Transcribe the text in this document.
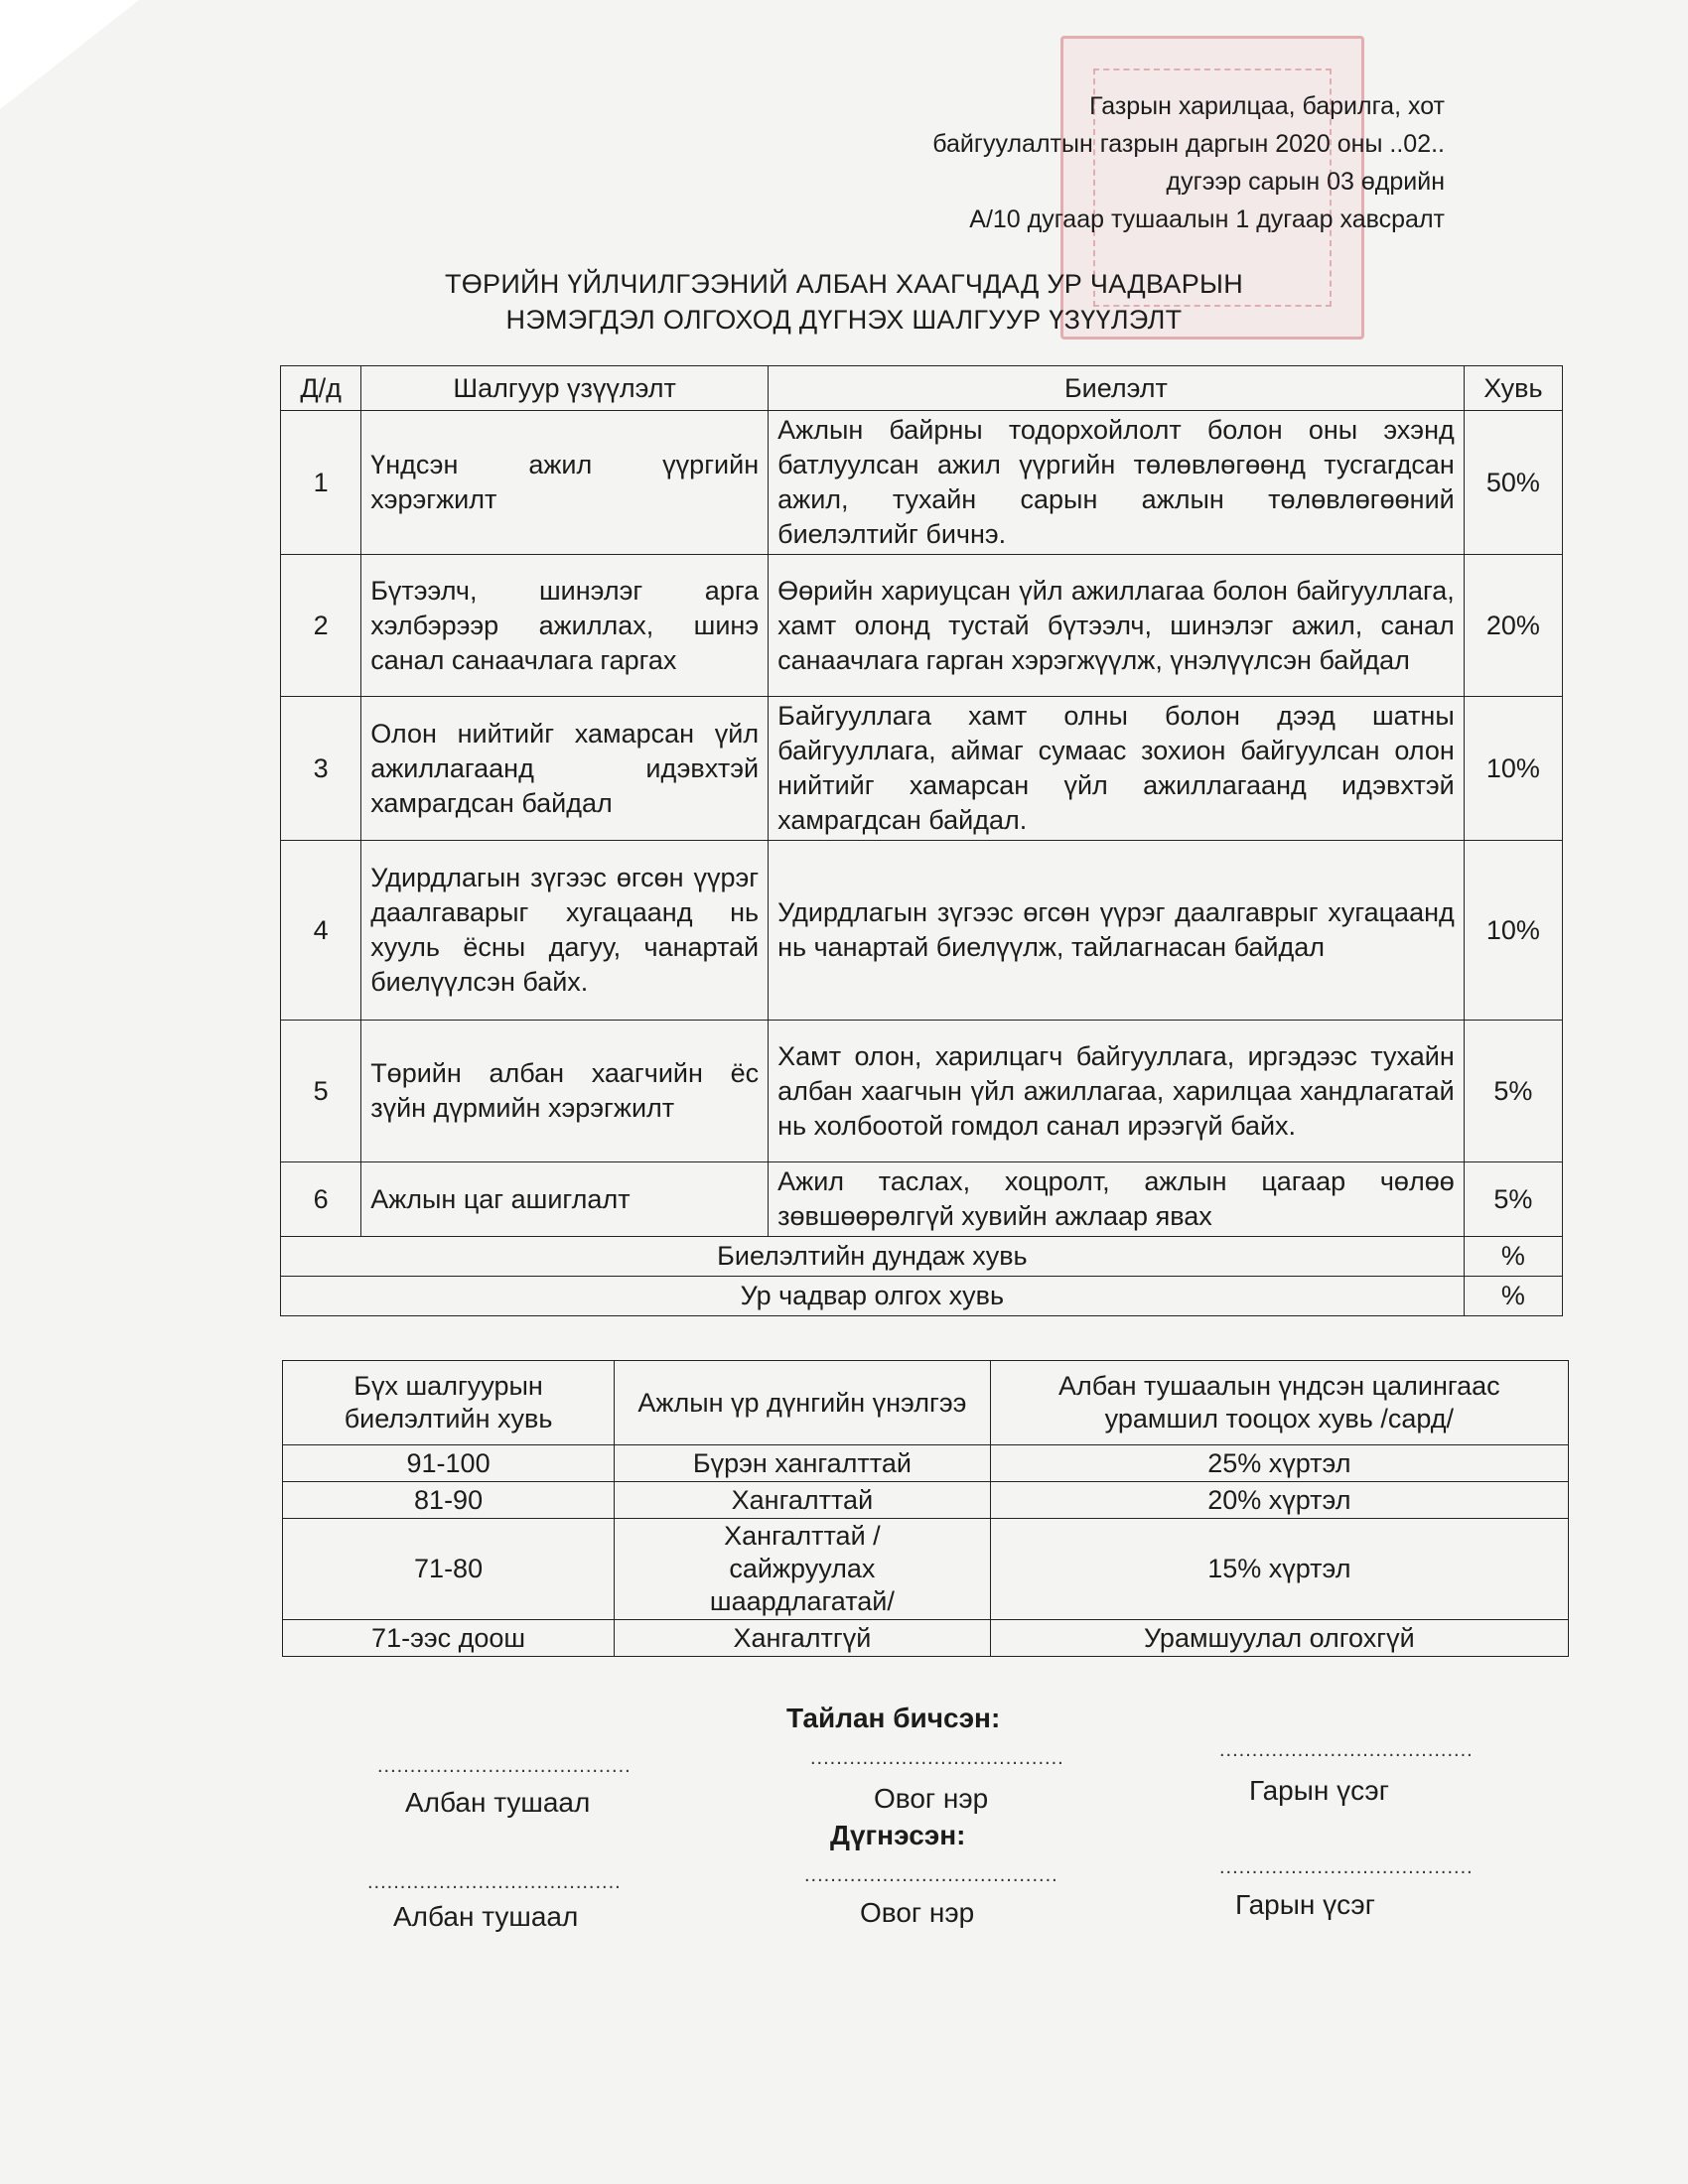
Газрын харилцаа, барилга, хот
байгуулалтын газрын даргын 2020 оны ..02..
дугээр сарын 03 өдрийн
А/10 дугаар тушаалын 1 дугаар хавсралт
ТӨРИЙН ҮЙЛЧИЛГЭЭНИЙ АЛБАН ХААГЧДАД УР ЧАДВАРЫН
НЭМЭГДЭЛ ОЛГОХОД ДҮГНЭХ ШАЛГУУР ҮЗҮҮЛЭЛТ
Д/д	Шалгуур үзүүлэлт	Биелэлт	Хувь
1	Үндсэн ажил үүргийн хэрэгжилт	Ажлын байрны тодорхойлолт болон оны эхэнд батлуулсан ажил үүргийн төлөвлөгөөнд тусгагдсан ажил, тухайн сарын ажлын төлөвлөгөөний биелэлтийг бичнэ.	50%
2	Бүтээлч, шинэлэг арга хэлбэрээр ажиллах, шинэ санал санаачлага гаргах	Өөрийн хариуцсан үйл ажиллагаа болон байгууллага, хамт олонд тустай бүтээлч, шинэлэг ажил, санал санаачлага гарган хэрэгжүүлж, үнэлүүлсэн байдал	20%
3	Олон нийтийг хамарсан үйл ажиллагаанд идэвхтэй хамрагдсан байдал	Байгууллага хамт олны болон дээд шатны байгууллага, аймаг сумаас зохион байгуулсан олон нийтийг хамарсан үйл ажиллагаанд идэвхтэй хамрагдсан байдал.	10%
4	Удирдлагын зүгээс өгсөн үүрэг даалгаварыг хугацаанд нь хууль ёсны дагуу, чанартай биелүүлсэн байх.	Удирдлагын зүгээс өгсөн үүрэг даалгаврыг хугацаанд нь чанартай биелүүлж, тайлагнасан байдал	10%
5	Төрийн албан хаагчийн ёс зүйн дүрмийн хэрэгжилт	Хамт олон, харилцагч байгууллага, иргэдээс тухайн албан хаагчын үйл ажиллагаа, харилцаа хандлагатай нь холбоотой гомдол санал ирээгүй байх.	5%
6	Ажлын цаг ашиглалт	Ажил таслах, хоцролт, ажлын цагаар чөлөө зөвшөөрөлгүй хувийн ажлаар явах	5%
Биелэлтийн дундаж хувь			%
Ур чадвар олгох хувь			%
Бүх шалгуурын биелэлтийн хувь	Ажлын үр дүнгийн үнэлгээ	Албан тушаалын үндсэн цалингаас урамшил тооцох хувь /сард/
91-100	Бүрэн хангалттай	25% хүртэл
81-90	Хангалттай	20% хүртэл
71-80	Хангалттай /сайжруулах шаардлагатай/	15% хүртэл
71-ээс доош	Хангалтгүй	Урамшуулал олгохгүй
Тайлан бичсэн:
.......................................	.......................................	.......................................
Албан тушаал	Овог нэр	Гарын үсэг
Дүгнэсэн:
.......................................	.......................................	.......................................
Албан тушаал	Овог нэр	Гарын үсэг
